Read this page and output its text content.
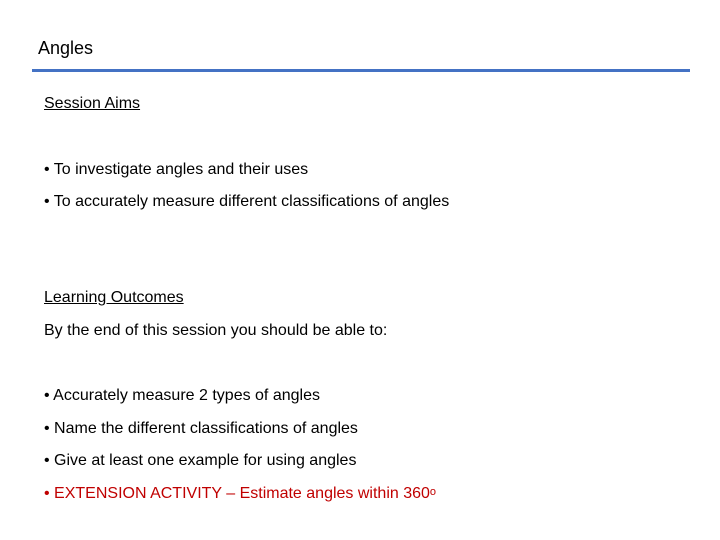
Angles
Session Aims
• To investigate angles and their uses
• To accurately measure different classifications of angles
Learning Outcomes
By the end of this session you should be able to:
• Accurately measure 2 types of angles
• Name the different classifications of angles
• Give at least one example for using angles
• EXTENSION ACTIVITY – Estimate angles within 360$^o$
